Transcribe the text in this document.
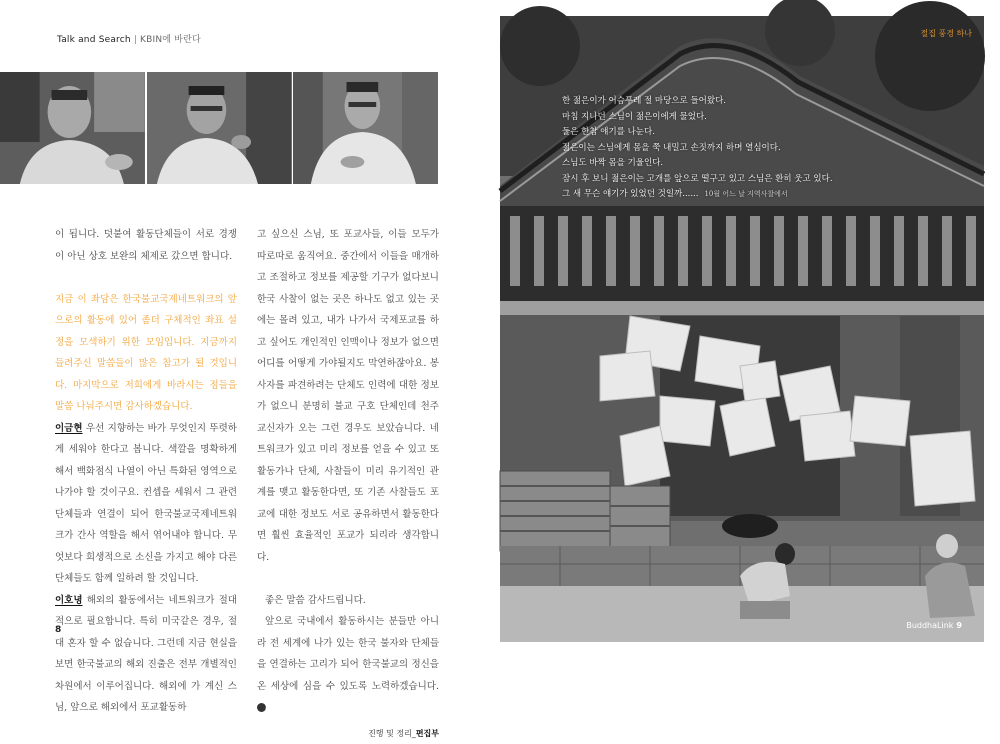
Talk and Search | KBIN에 바란다

이 됩니다. 덧붙여 활동단체들이 서로 경쟁이 아닌 상호 보완의 체제로 갔으면 합니다.

지금 이 좌담은 한국불교국제네트워크의 앞으로의 활동에 있어 좀더 구체적인 좌표 설정을 모색하기 위한 모임입니다. 지금까지 들려주신 말씀들이 많은 참고가 될 것입니다. 마지막으로 저희에게 바라시는 점들을 말씀 나눠주시면 감사하겠습니다.

이금현 우선 지향하는 바가 무엇인지 뚜렷하게 세워야 한다고 봅니다. 색깔을 명확하게 해서 백화점식 나열이 아닌 특화된 영역으로 나가야 할 것이구요. 컨셉을 세워서 그 관련 단체들과 연결이 되어 한국불교국제네트워크가 간사 역할을 해서 엮어내야 합니다. 무엇보다 희생적으로 소신을 가지고 해야 다른 단체들도 함께 일하려 할 것입니다.

이호녕 해외의 활동에서는 네트워크가 절대적으로 필요합니다. 특히 미국같은 경우, 절대 혼자 할 수 없습니다. 그런데 지금 현실을 보면 한국불교의 해외 진출은 전부 개별적인 차원에서 이루어집니다. 해외에 가 계신 스님, 앞으로 해외에서 포교활동하

고 싶으신 스님, 또 포교사들, 이들 모두가 따로따로 움직여요. 중간에서 이들을 매개하고 조절하고 정보를 제공할 기구가 없다보니 한국 사찰이 없는 곳은 하나도 없고 있는 곳에는 몰려 있고, 내가 나가서 국제포교를 하고 싶어도 개인적인 인맥이나 정보가 없으면 어디를 어떻게 가야될지도 막연하잖아요. 봉사자를 파견하려는 단체도 인력에 대한 정보가 없으니 분명히 불교 구호 단체인데 천주교신자가 오는 그런 경우도 보았습니다. 네트워크가 있고 미리 정보를 얻을 수 있고 또 활동가나 단체, 사찰들이 미리 유기적인 관계를 맺고 활동한다면, 또 기존 사찰들도 포교에 대한 정보도 서로 공유하면서 활동한다면 훨씬 효율적인 포교가 되리라 생각합니다.

좋은 말씀 감사드립니다.

앞으로 국내에서 활동하시는 분들만 아니라 전 세계에 나가 있는 한국 불자와 단체들을 연결하는 고리가 되어 한국불교의 정신을 온 세상에 심을 수 있도록 노력하겠습니다. B

진행 및 정리_편집부
8
절집 풍경 하나
한 젊은이가 어슴푸레 절 마당으로 들어왔다.
마침 지나던 스님이 젊은이에게 물었다.
둘은 한참 얘기를 나눈다.
젊은이는 스님에게 몸을 쭉 내밀고 손짓까지 하며 열심이다.
스님도 바짝 몸을 기울인다.
잠시 후 보니 젊은이는 고개를 앞으로 떨구고 있고 스님은 환히 웃고 있다.
그 새 무슨 얘기가 있었던 것일까...... 10월 어느 날 지역사찰에서
BuddhaLink 9
